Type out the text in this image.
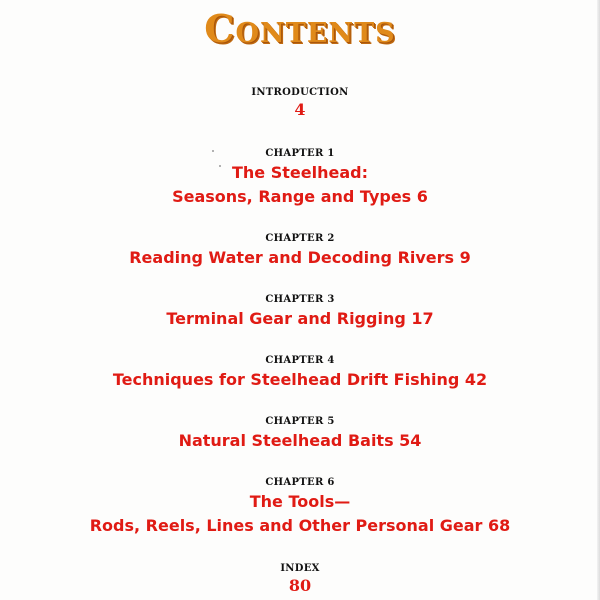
Contents
INTRODUCTION
4
CHAPTER 1
The Steelhead:
Seasons, Range and Types 6
CHAPTER 2
Reading Water and Decoding Rivers 9
CHAPTER 3
Terminal Gear and Rigging 17
CHAPTER 4
Techniques for Steelhead Drift Fishing 42
CHAPTER 5
Natural Steelhead Baits 54
CHAPTER 6
The Tools—
Rods, Reels, Lines and Other Personal Gear 68
INDEX
80
